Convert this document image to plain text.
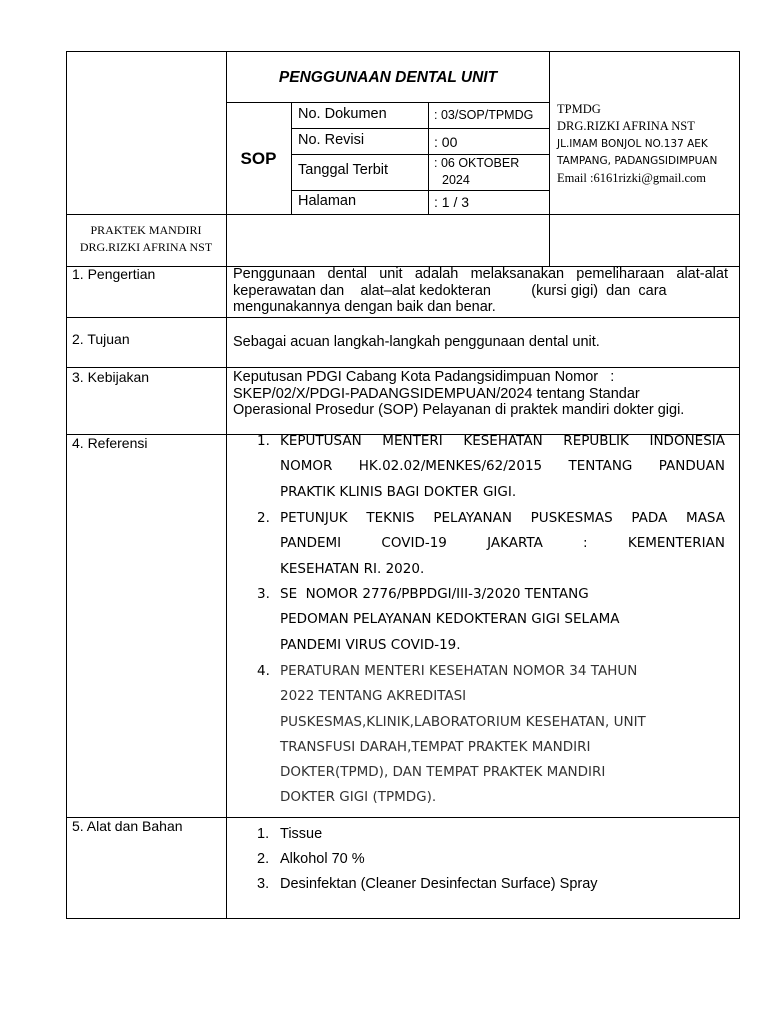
PENGGUNAAN DENTAL UNIT
SOP
No. Dokumen	: 03/SOP/TPMDG
No. Revisi	: 00
Tanggal Terbit	: 06 OKTOBER
2024
Halaman	: 1 / 3
TPMDG
DRG.RIZKI AFRINA NST
JL.IMAM BONJOL NO.137 AEK
TAMPANG, PADANGSIDIMPUAN
Email :6161rizki@gmail.com
PRAKTEK MANDIRI
DRG.RIZKI AFRINA NST
1. Pengertian	Penggunaan dental unit adalah melaksanakan pemeliharaan alat-alat
keperawatan dan    alat–alat kedokteran          (kursi gigi)  dan  cara
mengunakannya dengan baik dan benar.
2. Tujuan	Sebagai acuan langkah-langkah penggunaan dental unit.
3. Kebijakan	Keputusan PDGI Cabang Kota Padangsidimpuan Nomor   :
SKEP/02/X/PDGI-PADANGSIDEMPUAN/2024 tentang Standar
Operasional Prosedur (SOP) Pelayanan di praktek mandiri dokter gigi.
4. Referensi	1. KEPUTUSAN MENTERI KESEHATAN REPUBLIK INDONESIA
NOMOR HK.02.02/MENKES/62/2015 TENTANG PANDUAN
PRAKTIK KLINIS BAGI DOKTER GIGI.
2. PETUNJUK TEKNIS PELAYANAN PUSKESMAS PADA MASA
PANDEMI COVID-19 JAKARTA : KEMENTERIAN
KESEHATAN RI. 2020.
3. SE  NOMOR 2776/PBPDGI/III-3/2020 TENTANG
PEDOMAN PELAYANAN KEDOKTERAN GIGI SELAMA
PANDEMI VIRUS COVID-19.
4. PERATURAN MENTERI KESEHATAN NOMOR 34 TAHUN
2022 TENTANG AKREDITASI
PUSKESMAS,KLINIK,LABORATORIUM KESEHATAN, UNIT
TRANSFUSI DARAH,TEMPAT PRAKTEK MANDIRI
DOKTER(TPMD), DAN TEMPAT PRAKTEK MANDIRI
DOKTER GIGI (TPMDG).
5. Alat dan Bahan	1. Tissue
2. Alkohol 70 %
3. Desinfektan (Cleaner Desinfectan Surface) Spray
